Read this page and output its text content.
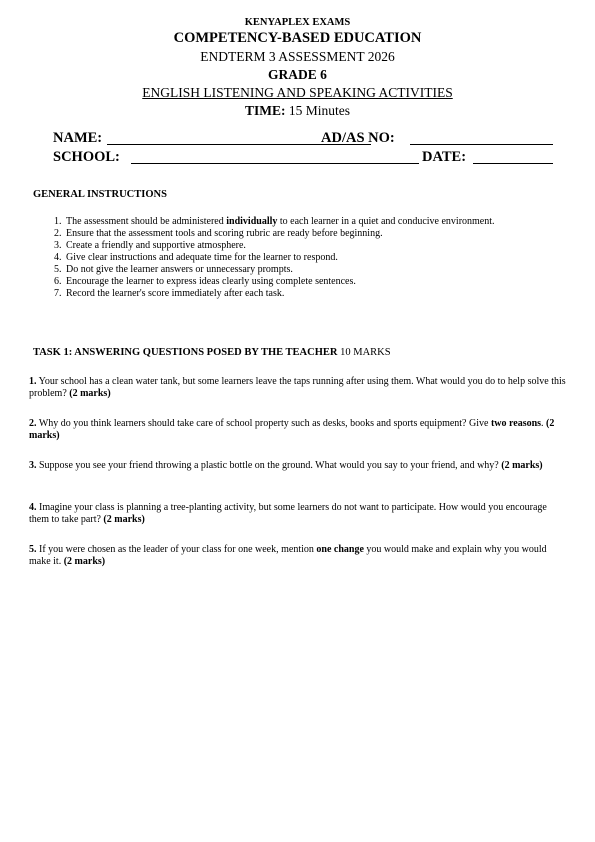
KENYAPLEX EXAMS
COMPETENCY-BASED EDUCATION
ENDTERM 3 ASSESSMENT 2026
GRADE 6
ENGLISH LISTENING AND SPEAKING ACTIVITIES
TIME: 15 Minutes
NAME:	AD/AS NO:
SCHOOL:	DATE:
GENERAL INSTRUCTIONS
1. The assessment should be administered individually to each learner in a quiet and conducive environment.
2. Ensure that the assessment tools and scoring rubric are ready before beginning.
3. Create a friendly and supportive atmosphere.
4. Give clear instructions and adequate time for the learner to respond.
5. Do not give the learner answers or unnecessary prompts.
6. Encourage the learner to express ideas clearly using complete sentences.
7. Record the learner's score immediately after each task.
TASK 1: ANSWERING QUESTIONS POSED BY THE TEACHER 10 MARKS
1. Your school has a clean water tank, but some learners leave the taps running after using them. What would you do to help solve this problem? (2 marks)
2. Why do you think learners should take care of school property such as desks, books and sports equipment? Give two reasons. (2 marks)
3. Suppose you see your friend throwing a plastic bottle on the ground. What would you say to your friend, and why? (2 marks)
4. Imagine your class is planning a tree-planting activity, but some learners do not want to participate. How would you encourage them to take part? (2 marks)
5. If you were chosen as the leader of your class for one week, mention one change you would make and explain why you would make it. (2 marks)
